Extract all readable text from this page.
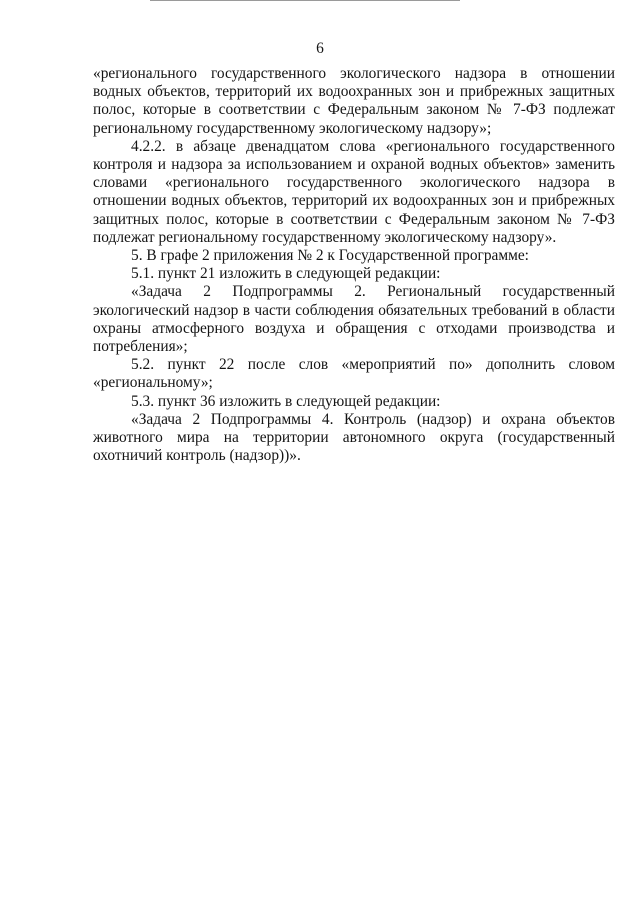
6

«регионального государственного экологического надзора в отношении водных объектов, территорий их водоохранных зон и прибрежных защитных полос, которые в соответствии с Федеральным законом № 7-ФЗ подлежат региональному государственному экологическому надзору»;

4.2.2. в абзаце двенадцатом слова «регионального государственного контроля и надзора за использованием и охраной водных объектов» заменить словами «регионального государственного экологического надзора в отношении водных объектов, территорий их водоохранных зон и прибрежных защитных полос, которые в соответствии с Федеральным законом № 7-ФЗ подлежат региональному государственному экологическому надзору».

5. В графе 2 приложения № 2 к Государственной программе:

5.1. пункт 21 изложить в следующей редакции:

«Задача 2 Подпрограммы 2. Региональный государственный экологический надзор в части соблюдения обязательных требований в области охраны атмосферного воздуха и обращения с отходами производства и потребления»;

5.2. пункт 22 после слов «мероприятий по» дополнить словом «региональному»;

5.3. пункт 36 изложить в следующей редакции:

«Задача 2 Подпрограммы 4. Контроль (надзор) и охрана объектов животного мира на территории автономного округа (государственный охотничий контроль (надзор))».
